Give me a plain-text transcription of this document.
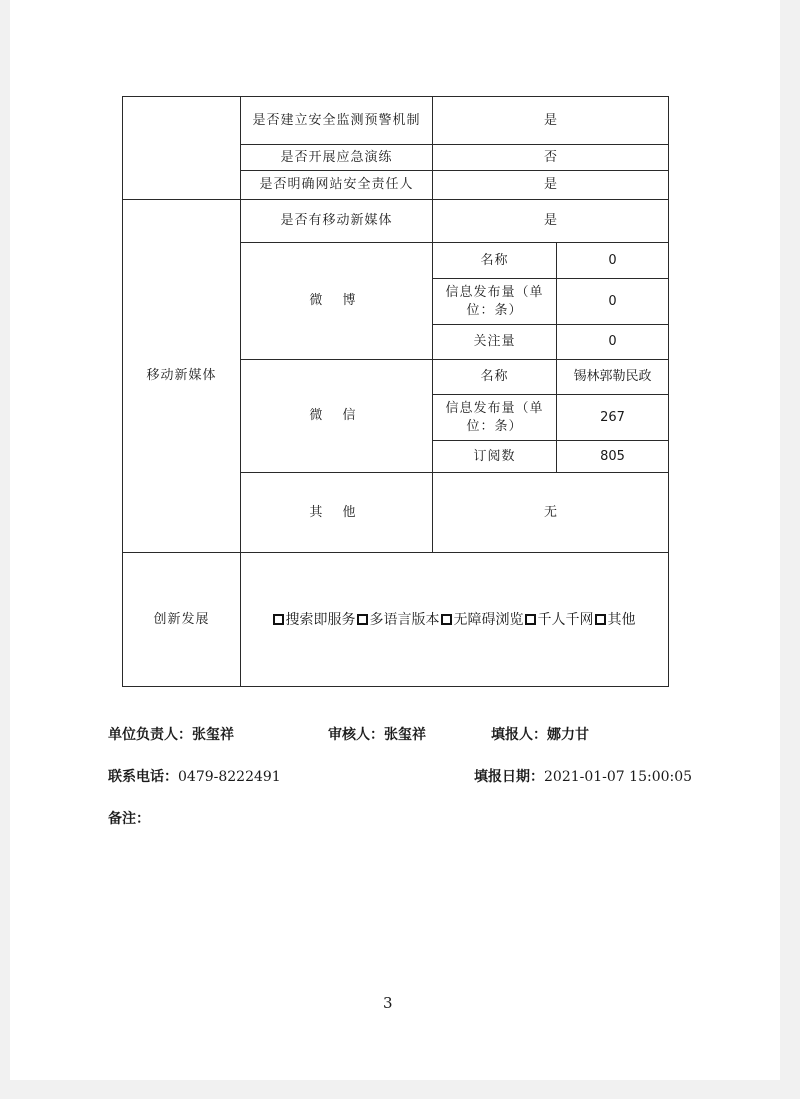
	是否建立安全监测预警机制	是	
	是否开展应急演练	否	
	是否明确网站安全责任人	是	
移动新媒体	是否有移动新媒体	是	
	微 博	名称	0
		信息发布量（单位：条）	0
		关注量	0
	微 信	名称	锡林郭勒民政
		信息发布量（单位：条）	267
		订阅数	805
	其 他	无	
创新发展	搜索即服务 多语言版本 无障碍浏览 千人千网 其他		
单位负责人：张玺祥	审核人：张玺祥	填报人：娜力甘
联系电话：0479-8222491	填报日期：2021-01-07 15:00:05
备注：
3
